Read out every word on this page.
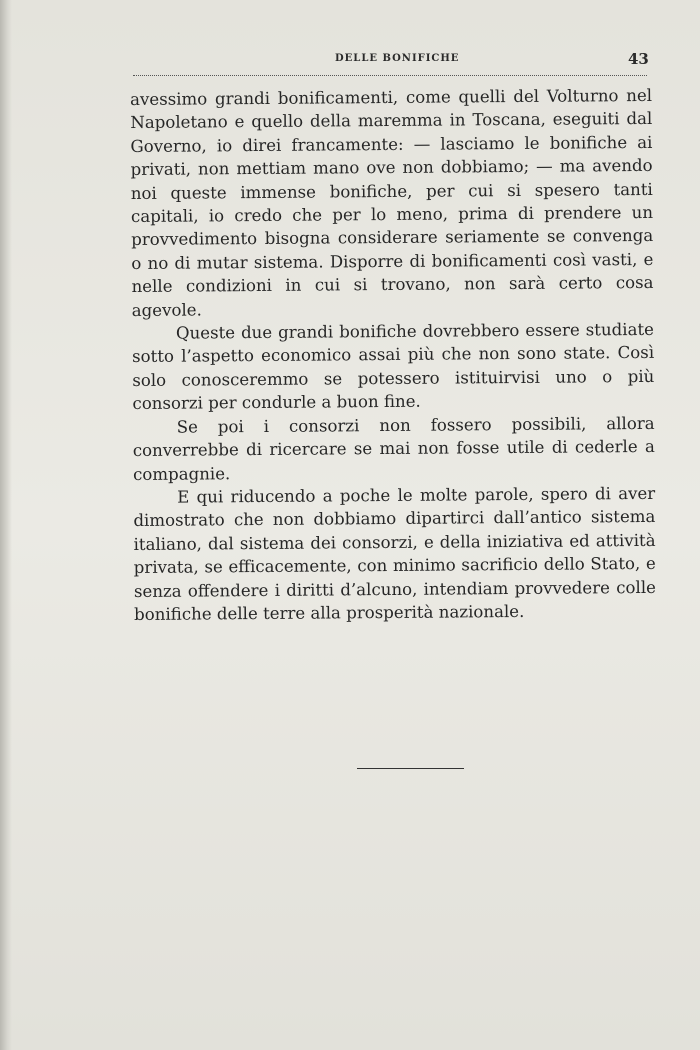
DELLE BONIFICHE	43

avessimo grandi bonificamenti, come quelli del Volturno nel Napoletano e quello della maremma in Toscana, eseguiti dal Governo, io direi francamente: — lasciamo le bonifiche ai privati, non mettiam mano ove non dobbiamo; — ma avendo noi queste immense bonifiche, per cui si spesero tanti capitali, io credo che per lo meno, prima di prendere un provvedimento bisogna considerare seriamente se convenga o no di mutar sistema. Disporre di bonificamenti così vasti, e nelle condizioni in cui si trovano, non sarà certo cosa agevole.

Queste due grandi bonifiche dovrebbero essere studiate sotto l’aspetto economico assai più che non sono state. Così solo conosceremmo se potessero istituirvisi uno o più consorzi per condurle a buon fine.

Se poi i consorzi non fossero possibili, allora converrebbe di ricercare se mai non fosse utile di cederle a compagnie.

E qui riducendo a poche le molte parole, spero di aver dimostrato che non dobbiamo dipartirci dall’antico sistema italiano, dal sistema dei consorzi, e della iniziativa ed attività privata, se efficacemente, con minimo sacrificio dello Stato, e senza offendere i diritti d’alcuno, intendiam provvedere colle bonifiche delle terre alla prosperità nazionale.
